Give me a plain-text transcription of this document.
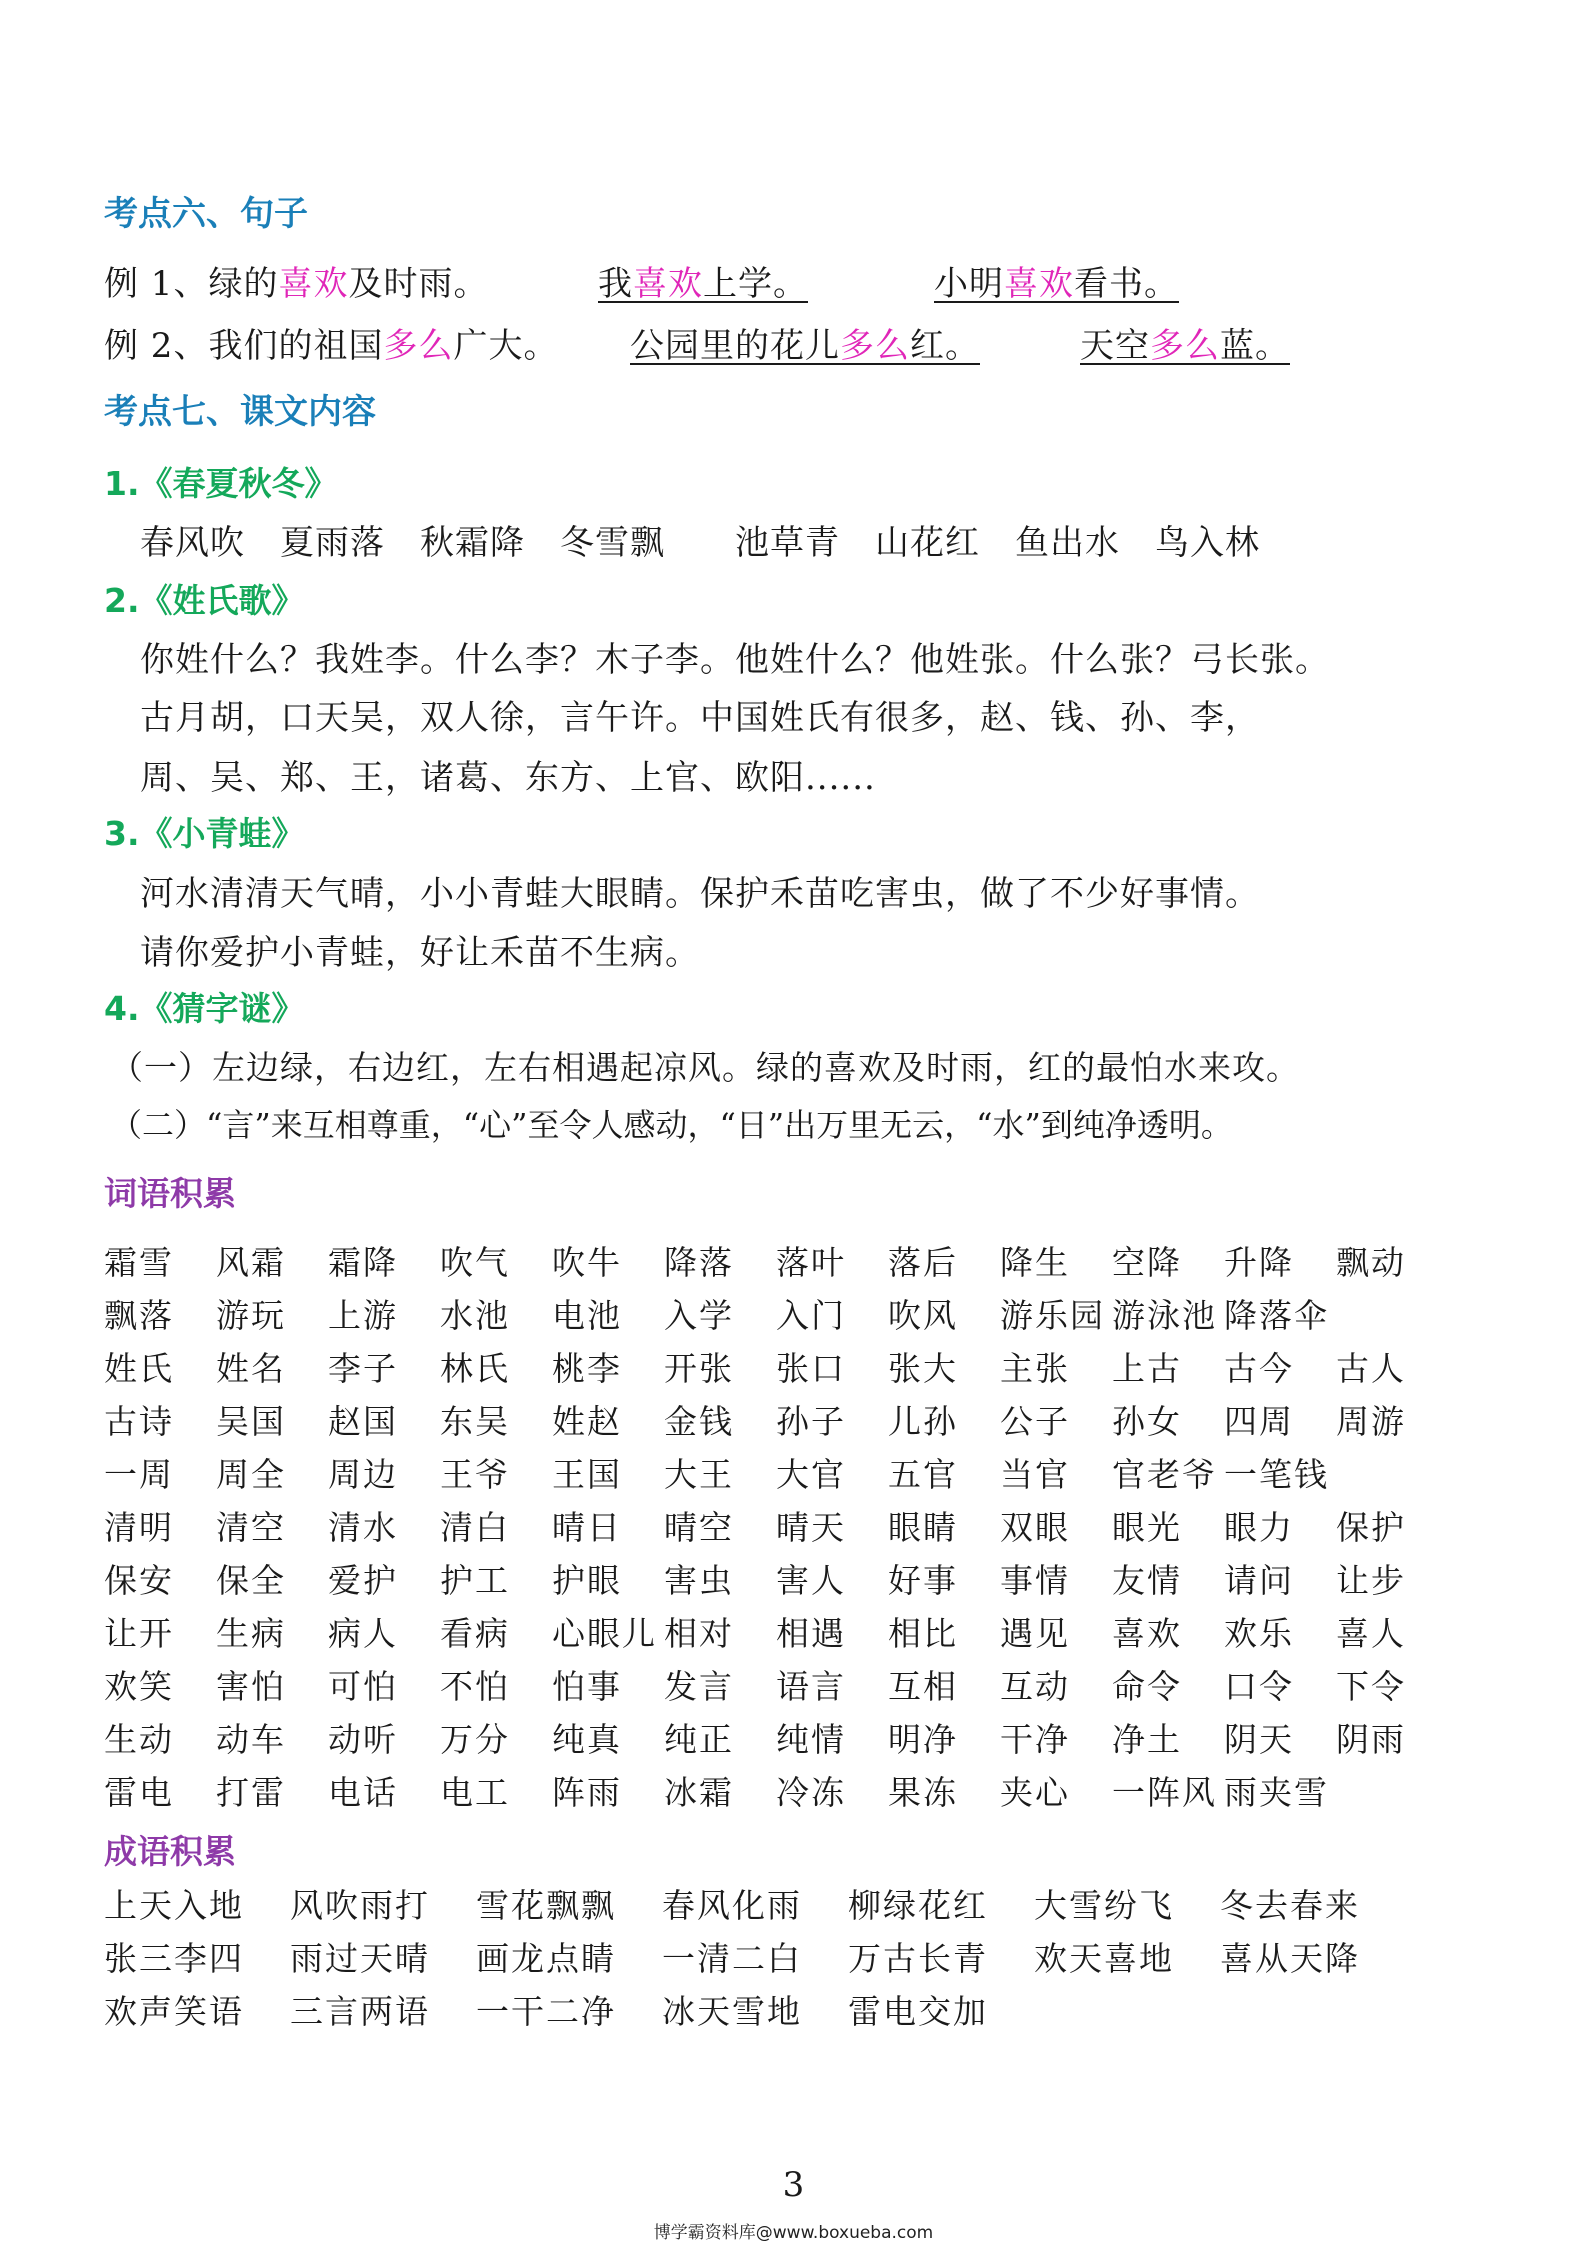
考点六、句子
例 1、绿的喜欢及时雨。	我喜欢上学。	小明喜欢看书。
例 2、我们的祖国多么广大。 公园里的花儿多么红。	天空多么蓝。
考点七、课文内容
1.《春夏秋冬》
春风吹　夏雨落　秋霜降　冬雪飘　　池草青　山花红　鱼出水　鸟入林
2.《姓氏歌》
你姓什么？我姓李。什么李？木子李。他姓什么？他姓张。什么张？弓长张。
古月胡，口天吴，双人徐，言午许。中国姓氏有很多，赵、钱、孙、李，
周、吴、郑、王，诸葛、东方、上官、欧阳......
3.《小青蛙》
河水清清天气晴，小小青蛙大眼睛。保护禾苗吃害虫，做了不少好事情。
请你爱护小青蛙，好让禾苗不生病。
4.《猜字谜》
（一）左边绿，右边红，左右相遇起凉风。绿的喜欢及时雨，红的最怕水来攻。
（二）“言”来互相尊重，“心”至令人感动，“日”出万里无云，“水”到纯净透明。
词语积累
霜雪 风霜 霜降 吹气 吹牛 降落 落叶 落后 降生 空降 升降 飘动
飘落 游玩 上游 水池 电池 入学 入门 吹风 游乐园 游泳池 降落伞
姓氏 姓名 李子 林氏 桃李 开张 张口 张大 主张 上古 古今 古人
古诗 吴国 赵国 东吴 姓赵 金钱 孙子 儿孙 公子 孙女 四周 周游
一周 周全 周边 王爷 王国 大王 大官 五官 当官 官老爷 一笔钱
清明 清空 清水 清白 晴日 晴空 晴天 眼睛 双眼 眼光 眼力 保护
保安 保全 爱护 护工 护眼 害虫 害人 好事 事情 友情 请问 让步
让开 生病 病人 看病 心眼儿 相对 相遇 相比 遇见 喜欢 欢乐 喜人
欢笑 害怕 可怕 不怕 怕事 发言 语言 互相 互动 命令 口令 下令
生动 动车 动听 万分 纯真 纯正 纯情 明净 干净 净土 阴天 阴雨
雷电 打雷 电话 电工 阵雨 冰霜 冷冻 果冻 夹心 一阵风 雨夹雪
成语积累
上天入地 风吹雨打 雪花飘飘 春风化雨 柳绿花红 大雪纷飞 冬去春来
张三李四 雨过天晴 画龙点睛 一清二白 万古长青 欢天喜地 喜从天降
欢声笑语 三言两语 一干二净 冰天雪地 雷电交加
3
博学霸资料库@www.boxueba.com
